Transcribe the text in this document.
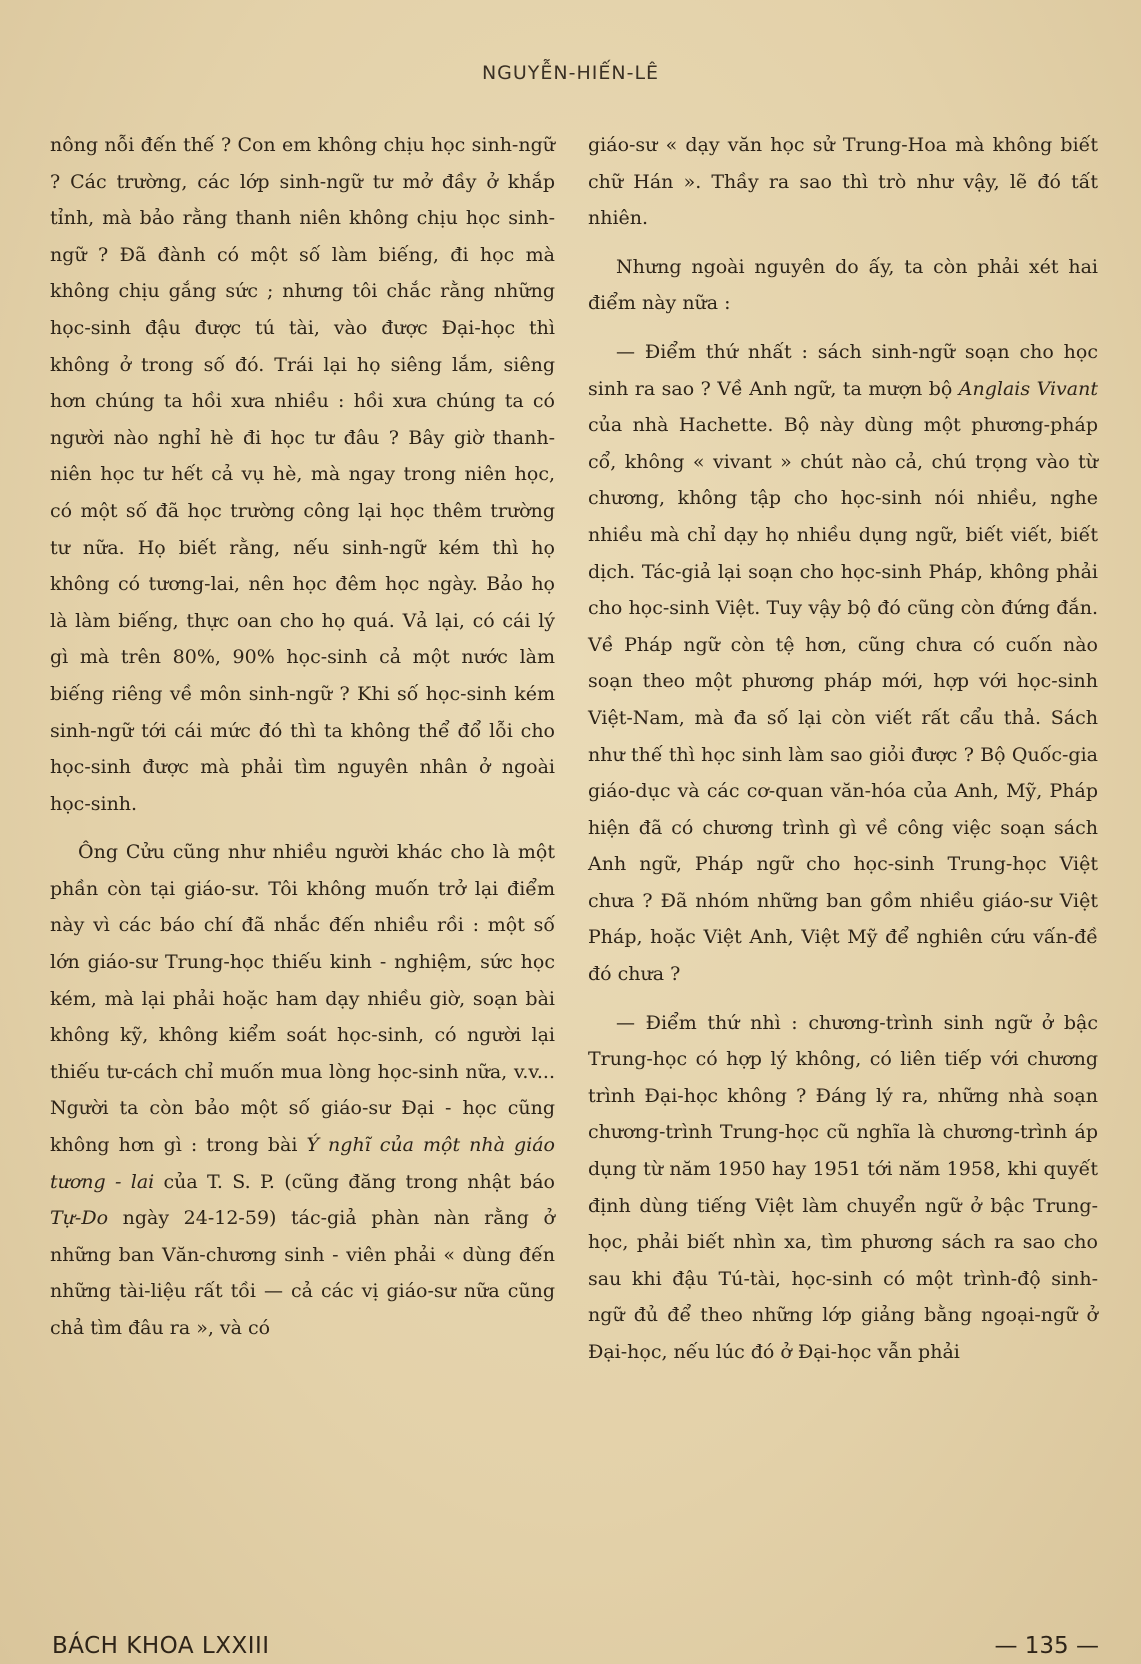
NGUYỄN-HIẾN-LÊ

nông nỗi đến thế ? Con em không chịu học sinh-ngữ ? Các trường, các lớp sinh-ngữ tư mở đầy ở khắp tỉnh, mà bảo rằng thanh niên không chịu học sinh-ngữ ? Đã đành có một số làm biếng, đi học mà không chịu gắng sức ; nhưng tôi chắc rằng những học-sinh đậu được tú tài, vào được Đại-học thì không ở trong số đó. Trái lại họ siêng lắm, siêng hơn chúng ta hồi xưa nhiều : hồi xưa chúng ta có người nào nghỉ hè đi học tư đâu ? Bây giờ thanh-niên học tư hết cả vụ hè, mà ngay trong niên học, có một số đã học trường công lại học thêm trường tư nữa. Họ biết rằng, nếu sinh-ngữ kém thì họ không có tương-lai, nên học đêm học ngày. Bảo họ là làm biếng, thực oan cho họ quá. Vả lại, có cái lý gì mà trên 80%, 90% học-sinh cả một nước làm biếng riêng về môn sinh-ngữ ? Khi số học-sinh kém sinh-ngữ tới cái mức đó thì ta không thể đổ lỗi cho học-sinh được mà phải tìm nguyên nhân ở ngoài học-sinh.

Ông Cửu cũng như nhiều người khác cho là một phần còn tại giáo-sư. Tôi không muốn trở lại điểm này vì các báo chí đã nhắc đến nhiều rồi : một số lớn giáo-sư Trung-học thiếu kinh - nghiệm, sức học kém, mà lại phải hoặc ham dạy nhiều giờ, soạn bài không kỹ, không kiểm soát học-sinh, có người lại thiếu tư-cách chỉ muốn mua lòng học-sinh nữa, v.v... Người ta còn bảo một số giáo-sư Đại - học cũng không hơn gì : trong bài Ý nghĩ của một nhà giáo tương - lai của T. S. P. (cũng đăng trong nhật báo Tự-Do ngày 24-12-59) tác-giả phàn nàn rằng ở những ban Văn-chương sinh - viên phải « dùng đến những tài-liệu rất tồi — cả các vị giáo-sư nữa cũng chả tìm đâu ra », và có

giáo-sư « dạy văn học sử Trung-Hoa mà không biết chữ Hán ». Thầy ra sao thì trò như vậy, lẽ đó tất nhiên.

Nhưng ngoài nguyên do ấy, ta còn phải xét hai điểm này nữa :

— Điểm thứ nhất : sách sinh-ngữ soạn cho học sinh ra sao ? Về Anh ngữ, ta mượn bộ Anglais Vivant của nhà Hachette. Bộ này dùng một phương-pháp cổ, không « vivant » chút nào cả, chú trọng vào từ chương, không tập cho học-sinh nói nhiều, nghe nhiều mà chỉ dạy họ nhiều dụng ngữ, biết viết, biết dịch. Tác-giả lại soạn cho học-sinh Pháp, không phải cho học-sinh Việt. Tuy vậy bộ đó cũng còn đứng đắn. Về Pháp ngữ còn tệ hơn, cũng chưa có cuốn nào soạn theo một phương pháp mới, hợp với học-sinh Việt-Nam, mà đa số lại còn viết rất cẩu thả. Sách như thế thì học sinh làm sao giỏi được ? Bộ Quốc-gia giáo-dục và các cơ-quan văn-hóa của Anh, Mỹ, Pháp hiện đã có chương trình gì về công việc soạn sách Anh ngữ, Pháp ngữ cho học-sinh Trung-học Việt chưa ? Đã nhóm những ban gồm nhiều giáo-sư Việt Pháp, hoặc Việt Anh, Việt Mỹ để nghiên cứu vấn-đề đó chưa ?

— Điểm thứ nhì : chương-trình sinh ngữ ở bậc Trung-học có hợp lý không, có liên tiếp với chương trình Đại-học không ? Đáng lý ra, những nhà soạn chương-trình Trung-học cũ nghĩa là chương-trình áp dụng từ năm 1950 hay 1951 tới năm 1958, khi quyết định dùng tiếng Việt làm chuyển ngữ ở bậc Trung-học, phải biết nhìn xa, tìm phương sách ra sao cho sau khi đậu Tú-tài, học-sinh có một trình-độ sinh-ngữ đủ để theo những lớp giảng bằng ngoại-ngữ ở Đại-học, nếu lúc đó ở Đại-học vẫn phải

BÁCH KHOA LXXIII	— 135 —
